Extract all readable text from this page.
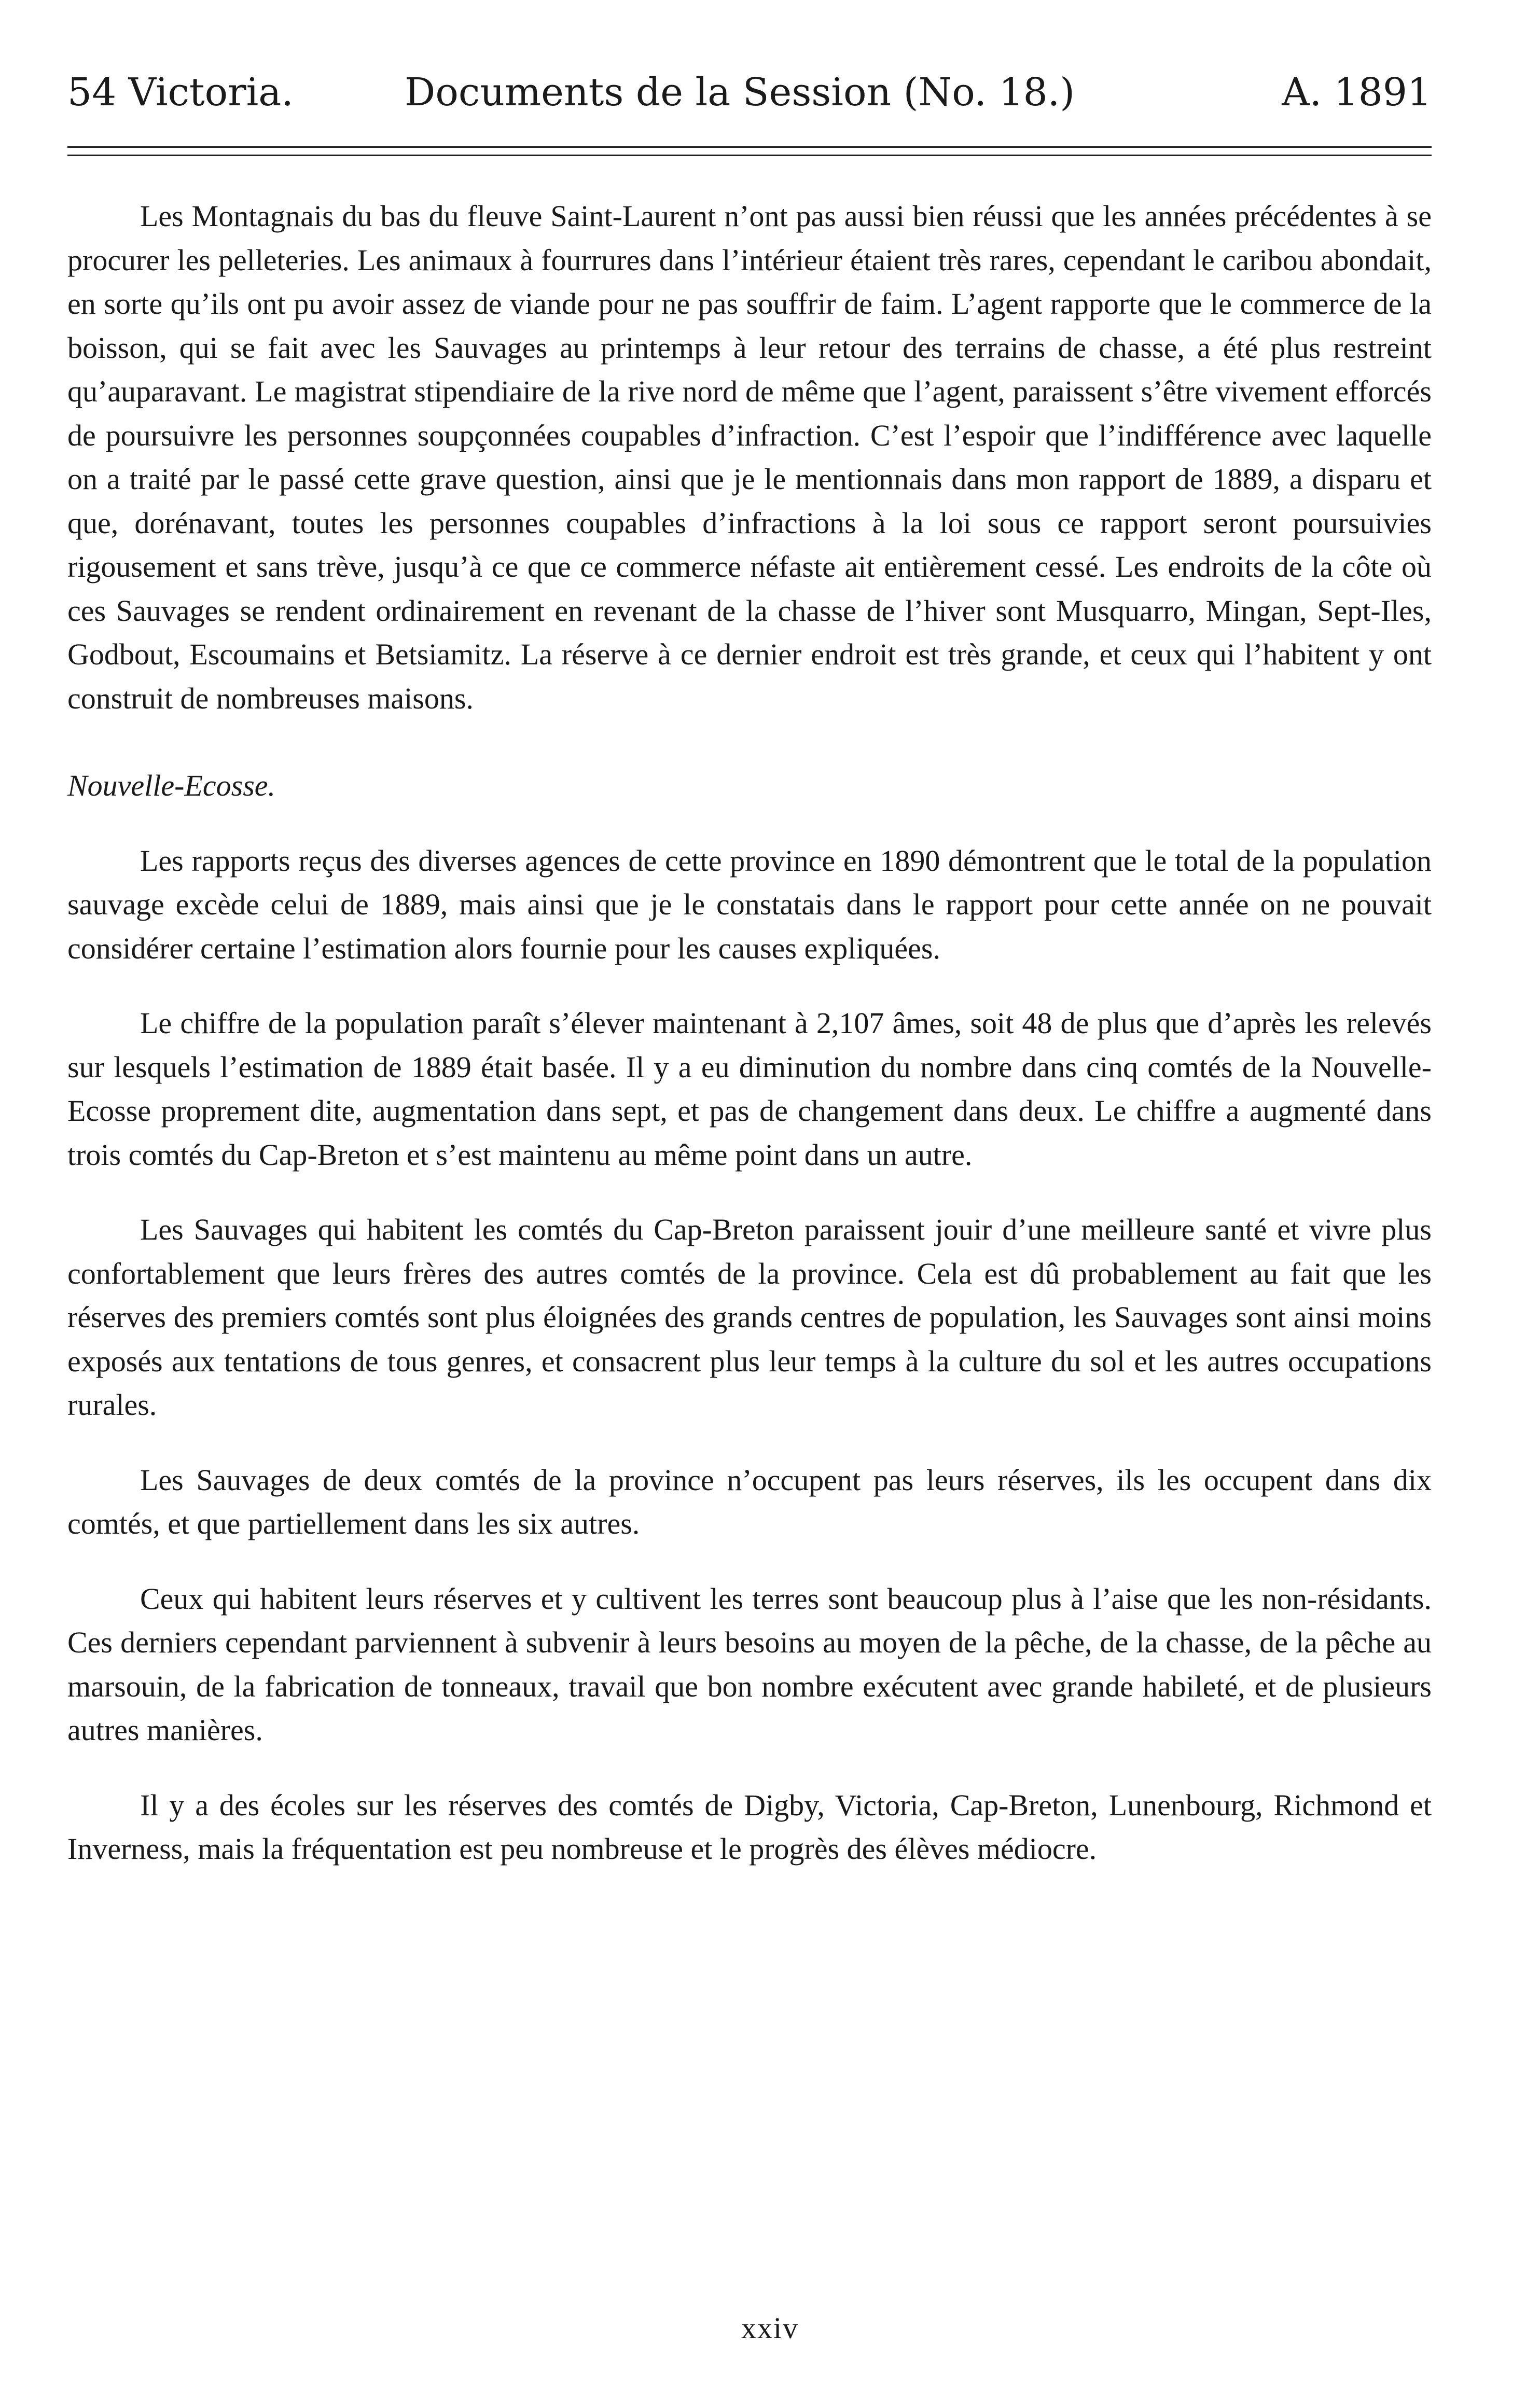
54 Victoria.	Documents de la Session (No. 18.)	A. 1891

Les Montagnais du bas du fleuve Saint-Laurent n’ont pas aussi bien réussi que les années précédentes à se procurer les pelleteries. Les animaux à fourrures dans l’intérieur étaient très rares, cependant le caribou abondait, en sorte qu’ils ont pu avoir assez de viande pour ne pas souffrir de faim. L’agent rapporte que le commerce de la boisson, qui se fait avec les Sauvages au printemps à leur retour des terrains de chasse, a été plus restreint qu’auparavant. Le magistrat stipendiaire de la rive nord de même que l’agent, paraissent s’être vivement efforcés de poursuivre les personnes soupçonnées coupables d’infraction. C’est l’espoir que l’indifférence avec laquelle on a traité par le passé cette grave question, ainsi que je le mentionnais dans mon rapport de 1889, a disparu et que, dorénavant, toutes les personnes coupables d’infractions à la loi sous ce rapport seront poursuivies rigousement et sans trève, jusqu’à ce que ce commerce néfaste ait entièrement cessé. Les endroits de la côte où ces Sauvages se rendent ordinairement en revenant de la chasse de l’hiver sont Musquarro, Mingan, Sept-Iles, Godbout, Escoumains et Betsiamitz. La réserve à ce dernier endroit est très grande, et ceux qui l’habitent y ont construit de nombreuses maisons.

Nouvelle-Ecosse.

Les rapports reçus des diverses agences de cette province en 1890 démontrent que le total de la population sauvage excède celui de 1889, mais ainsi que je le constatais dans le rapport pour cette année on ne pouvait considérer certaine l’estimation alors fournie pour les causes expliquées.

Le chiffre de la population paraît s’élever maintenant à 2,107 âmes, soit 48 de plus que d’après les relevés sur lesquels l’estimation de 1889 était basée. Il y a eu diminution du nombre dans cinq comtés de la Nouvelle-Ecosse proprement dite, augmentation dans sept, et pas de changement dans deux. Le chiffre a augmenté dans trois comtés du Cap-Breton et s’est maintenu au même point dans un autre.

Les Sauvages qui habitent les comtés du Cap-Breton paraissent jouir d’une meilleure santé et vivre plus confortablement que leurs frères des autres comtés de la province. Cela est dû probablement au fait que les réserves des premiers comtés sont plus éloignées des grands centres de population, les Sauvages sont ainsi moins exposés aux tentations de tous genres, et consacrent plus leur temps à la culture du sol et les autres occupations rurales.

Les Sauvages de deux comtés de la province n’occupent pas leurs réserves, ils les occupent dans dix comtés, et que partiellement dans les six autres.

Ceux qui habitent leurs réserves et y cultivent les terres sont beaucoup plus à l’aise que les non-résidants. Ces derniers cependant parviennent à subvenir à leurs besoins au moyen de la pêche, de la chasse, de la pêche au marsouin, de la fabrication de tonneaux, travail que bon nombre exécutent avec grande habileté, et de plusieurs autres manières.

Il y a des écoles sur les réserves des comtés de Digby, Victoria, Cap-Breton, Lunenbourg, Richmond et Inverness, mais la fréquentation est peu nombreuse et le progrès des élèves médiocre.

xxiv
